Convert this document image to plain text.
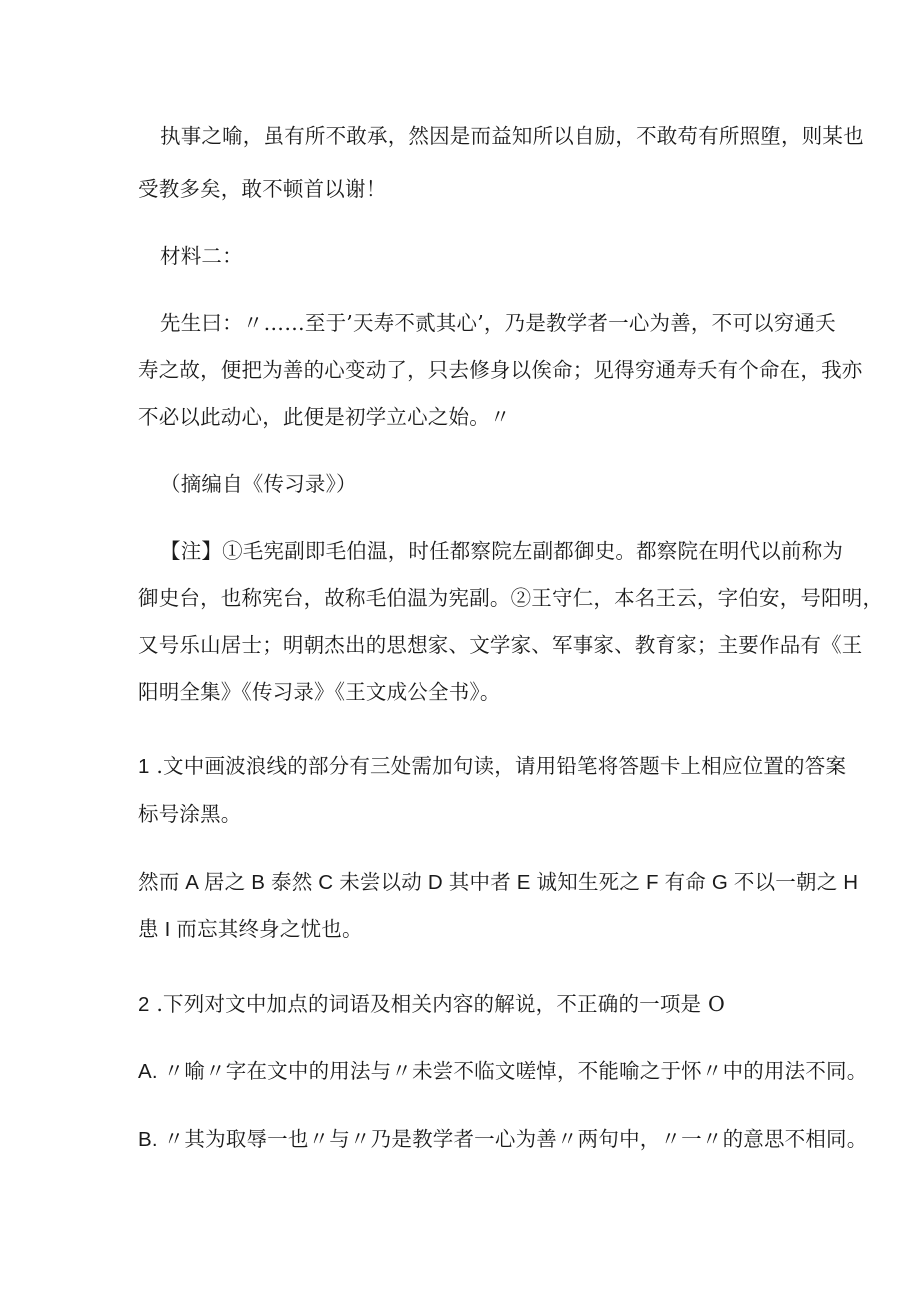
执事之喻，虽有所不敢承，然因是而益知所以自励，不敢苟有所照堕，则某也
受教多矣，敢不顿首以谢！
材料二：
先生曰：〃……至于’天寿不贰其心’，乃是教学者一心为善，不可以穷通夭
寿之故，便把为善的心变动了，只去修身以俟命；见得穷通寿夭有个命在，我亦
不必以此动心，此便是初学立心之始。〃
（摘编自《传习录》）
【注】①毛宪副即毛伯温，时任都察院左副都御史。都察院在明代以前称为
御史台，也称宪台，故称毛伯温为宪副。②王守仁，本名王云，字伯安，号阳明，
又号乐山居士；明朝杰出的思想家、文学家、军事家、教育家；主要作品有《王
阳明全集》《传习录》《王文成公全书》。
1 .文中画波浪线的部分有三处需加句读，请用铅笔将答题卡上相应位置的答案
标号涂黑。
然而 A 居之 B 泰然 C 未尝以动 D 其中者 E 诚知生死之 F 有命 G 不以一朝之 H
患 I 而忘其终身之忧也。
2 .下列对文中加点的词语及相关内容的解说，不正确的一项是 O
A. 〃喻〃字在文中的用法与〃未尝不临文嗟悼，不能喻之于怀〃中的用法不同。
B. 〃其为取辱一也〃与〃乃是教学者一心为善〃两句中，〃一〃的意思不相同。
